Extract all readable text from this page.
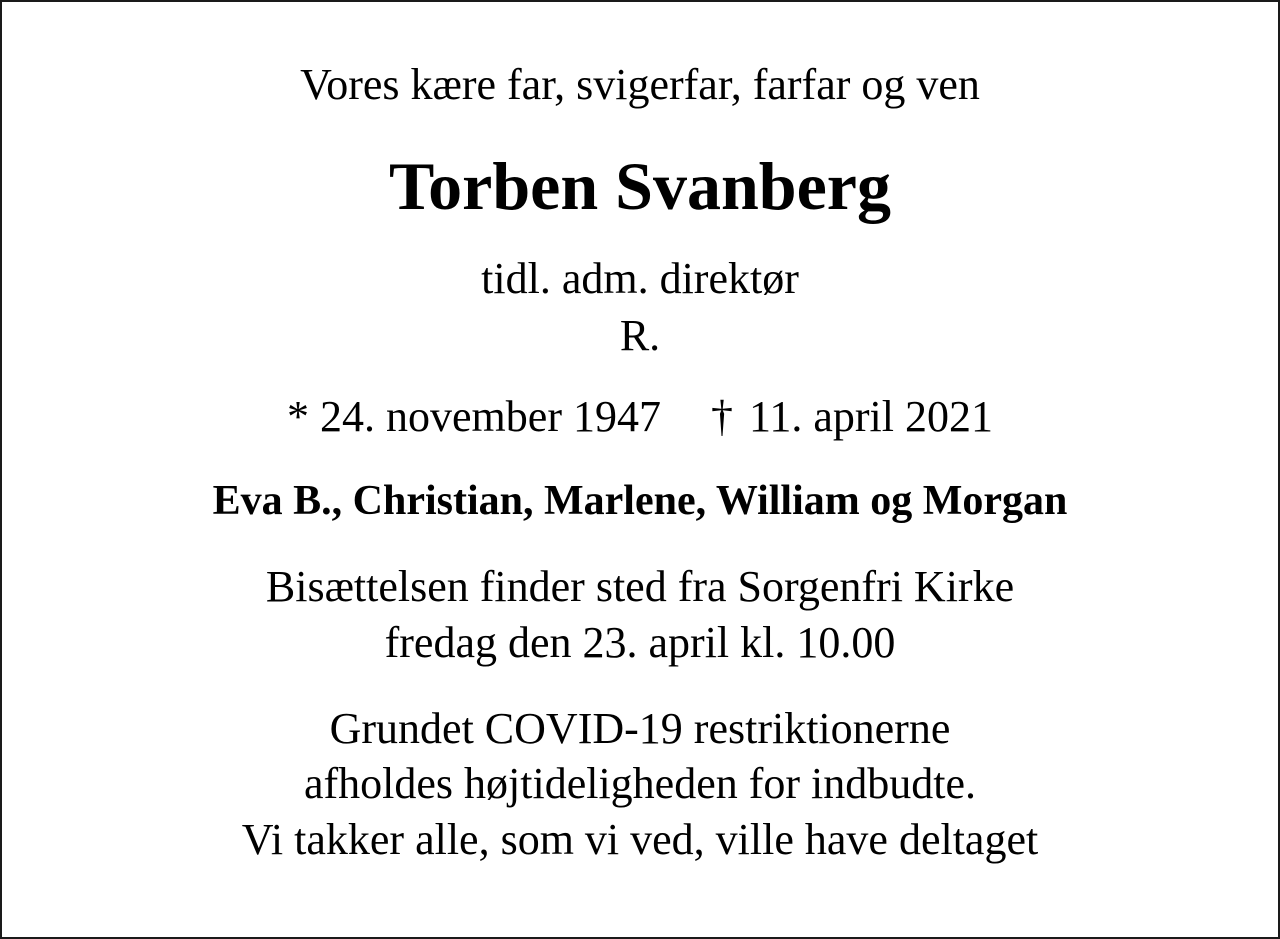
Vores kære far, svigerfar, farfar og ven
Torben Svanberg
tidl. adm. direktør
R.
* 24. november 1947 † 11. april 2021
Eva B., Christian, Marlene, William og Morgan
Bisættelsen finder sted fra Sorgenfri Kirke
fredag den 23. april kl. 10.00
Grundet COVID-19 restriktionerne
afholdes højtideligheden for indbudte.
Vi takker alle, som vi ved, ville have deltaget
